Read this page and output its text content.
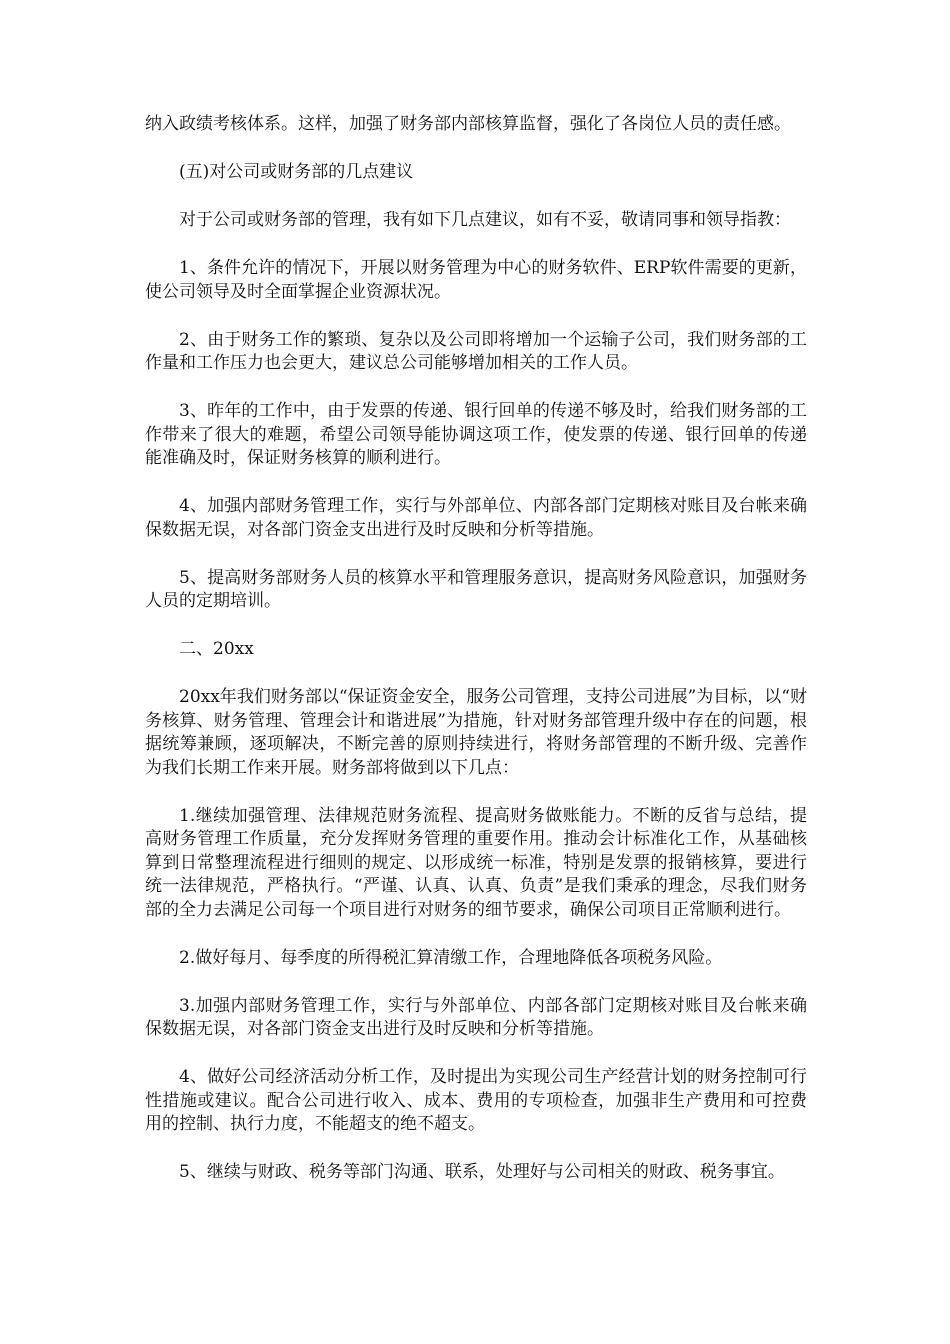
纳入政绩考核体系。这样，加强了财务部内部核算监督，强化了各岗位人员的责任感。

(五)对公司或财务部的几点建议

对于公司或财务部的管理，我有如下几点建议，如有不妥，敬请同事和领导指教：

1、条件允许的情况下，开展以财务管理为中心的财务软件、ERP软件需要的更新，使公司领导及时全面掌握企业资源状况。

2、由于财务工作的繁琐、复杂以及公司即将增加一个运输子公司，我们财务部的工作量和工作压力也会更大，建议总公司能够增加相关的工作人员。

3、昨年的工作中，由于发票的传递、银行回单的传递不够及时，给我们财务部的工作带来了很大的难题，希望公司领导能协调这项工作，使发票的传递、银行回单的传递能准确及时，保证财务核算的顺利进行。

4、加强内部财务管理工作，实行与外部单位、内部各部门定期核对账目及台帐来确保数据无误，对各部门资金支出进行及时反映和分析等措施。

5、提高财务部财务人员的核算水平和管理服务意识，提高财务风险意识，加强财务人员的定期培训。

二、20xx

20xx年我们财务部以“保证资金安全，服务公司管理，支持公司进展”为目标，以“财务核算、财务管理、管理会计和谐进展”为措施，针对财务部管理升级中存在的问题，根据统筹兼顾，逐项解决，不断完善的原则持续进行，将财务部管理的不断升级、完善作为我们长期工作来开展。财务部将做到以下几点：

1.继续加强管理、法律规范财务流程、提高财务做账能力。不断的反省与总结，提高财务管理工作质量，充分发挥财务管理的重要作用。推动会计标准化工作，从基础核算到日常整理流程进行细则的规定、以形成统一标准，特别是发票的报销核算，要进行统一法律规范，严格执行。“严谨、认真、认真、负责”是我们秉承的理念，尽我们财务部的全力去满足公司每一个项目进行对财务的细节要求，确保公司项目正常顺利进行。

2.做好每月、每季度的所得税汇算清缴工作，合理地降低各项税务风险。

3.加强内部财务管理工作，实行与外部单位、内部各部门定期核对账目及台帐来确保数据无误，对各部门资金支出进行及时反映和分析等措施。

4、做好公司经济活动分析工作，及时提出为实现公司生产经营计划的财务控制可行性措施或建议。配合公司进行收入、成本、费用的专项检查，加强非生产费用和可控费用的控制、执行力度，不能超支的绝不超支。

5、继续与财政、税务等部门沟通、联系，处理好与公司相关的财政、税务事宜。
